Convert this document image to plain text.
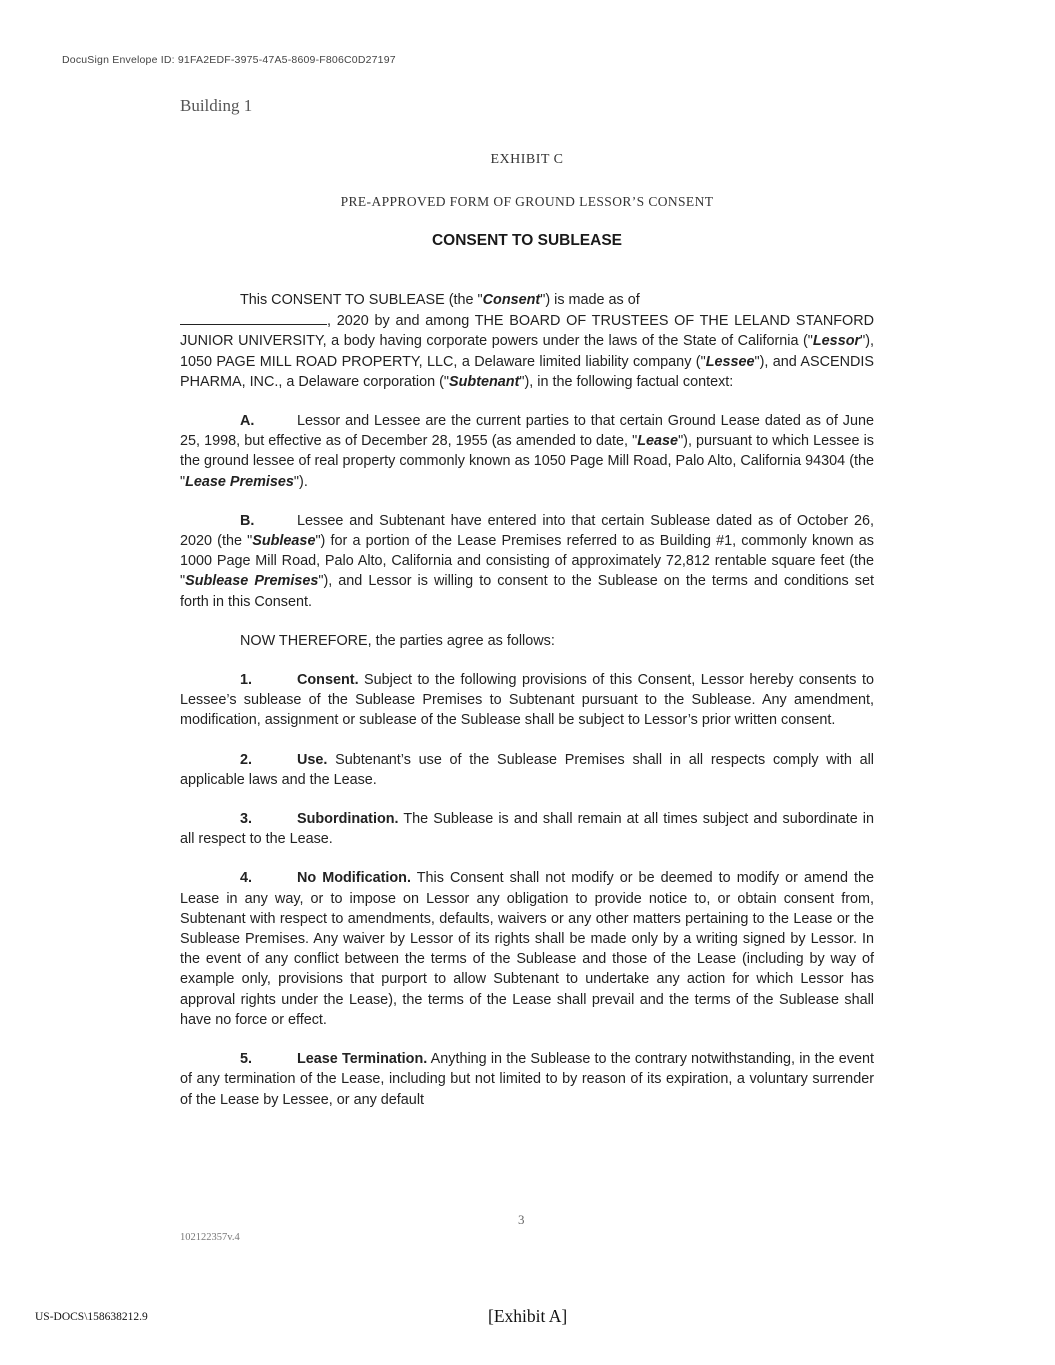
DocuSign Envelope ID: 91FA2EDF-3975-47A5-8609-F806C0D27197
Building 1
EXHIBIT C
PRE-APPROVED FORM OF GROUND LESSOR’S CONSENT
CONSENT TO SUBLEASE

This CONSENT TO SUBLEASE (the "Consent") is made as of
, 2020 by and among THE BOARD OF TRUSTEES OF THE LELAND STANFORD JUNIOR UNIVERSITY, a body having corporate powers under the laws of the State of California ("Lessor"), 1050 PAGE MILL ROAD PROPERTY, LLC, a Delaware limited liability company ("Lessee"), and ASCENDIS PHARMA, INC., a Delaware corporation ("Subtenant"), in the following factual context:

A.	Lessor and Lessee are the current parties to that certain Ground Lease dated as of June 25, 1998, but effective as of December 28, 1955 (as amended to date, "Lease"), pursuant to which Lessee is the ground lessee of real property commonly known as 1050 Page Mill Road, Palo Alto, California 94304 (the "Lease Premises").

B.	Lessee and Subtenant have entered into that certain Sublease dated as of October 26, 2020 (the "Sublease") for a portion of the Lease Premises referred to as Building #1, commonly known as 1000 Page Mill Road, Palo Alto, California and consisting of approximately 72,812 rentable square feet (the "Sublease Premises"), and Lessor is willing to consent to the Sublease on the terms and conditions set forth in this Consent.

NOW THEREFORE, the parties agree as follows:

1.	Consent. Subject to the following provisions of this Consent, Lessor hereby consents to Lessee’s sublease of the Sublease Premises to Subtenant pursuant to the Sublease. Any amendment, modification, assignment or sublease of the Sublease shall be subject to Lessor’s prior written consent.

2.	Use. Subtenant’s use of the Sublease Premises shall in all respects comply with all applicable laws and the Lease.

3.	Subordination. The Sublease is and shall remain at all times subject and subordinate in all respect to the Lease.

4.	No Modification. This Consent shall not modify or be deemed to modify or amend the Lease in any way, or to impose on Lessor any obligation to provide notice to, or obtain consent from, Subtenant with respect to amendments, defaults, waivers or any other matters pertaining to the Lease or the Sublease Premises. Any waiver by Lessor of its rights shall be made only by a writing signed by Lessor. In the event of any conflict between the terms of the Sublease and those of the Lease (including by way of example only, provisions that purport to allow Subtenant to undertake any action for which Lessor has approval rights under the Lease), the terms of the Lease shall prevail and the terms of the Sublease shall have no force or effect.

5.	Lease Termination. Anything in the Sublease to the contrary notwithstanding, in the event of any termination of the Lease, including but not limited to by reason of its expiration, a voluntary surrender of the Lease by Lessee, or any default

3
102122357v.4
US-DOCS\158638212.9	[Exhibit A]
